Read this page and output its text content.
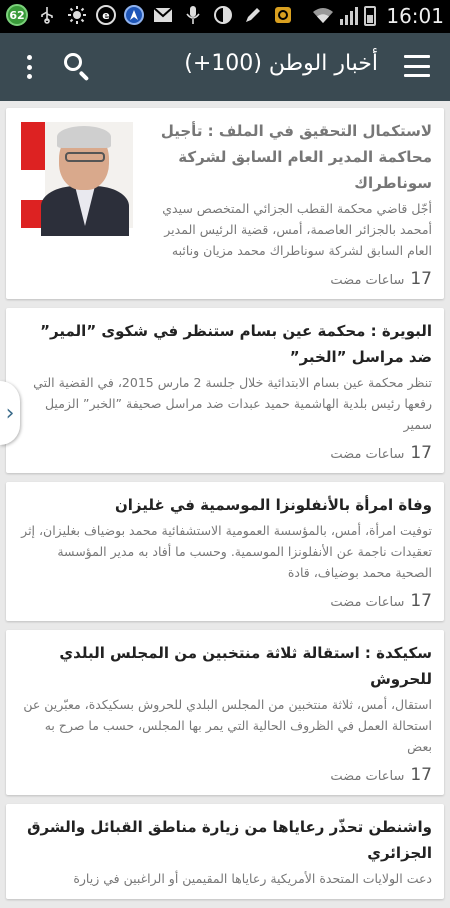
62	e	16:01
أخبار الوطن (100+)
لاستكمال التحقيق في الملف : تأجيل محاكمة المدير العام السابق لشركة سوناطراك
أجّل قاضي محكمة القطب الجزائي المتخصص سيدي أمحمد بالجزائر العاصمة، أمس، قضية الرئيس المدير العام السابق لشركة سوناطراك محمد مزيان ونائبه
17
ساعات مضت
البويرة : محكمة عين بسام ستنظر في شكوى ”المير” ضد مراسل ”الخبر”
تنظر محكمة عين بسام الابتدائية خلال جلسة 2 مارس 2015، في القضية التي رفعها رئيس بلدية الهاشمية حميد عبدات ضد مراسل صحيفة ”الخبر” الزميل سمير
17
ساعات مضت
وفاة امرأة بالأنفلونزا الموسمية في غليزان
توفيت امرأة، أمس، بالمؤسسة العمومية الاستشفائية محمد بوضياف بغليزان، إثر تعقيدات ناجمة عن الأنفلونزا الموسمية. وحسب ما أفاد به مدير المؤسسة الصحية محمد بوضياف، قادة
17
ساعات مضت
سكيكدة : استقالة ثلاثة منتخبين من المجلس البلدي للحروش
استقال، أمس، ثلاثة منتخبين من المجلس البلدي للحروش بسكيكدة، معبّرين عن استحالة العمل في الظروف الحالية التي يمر بها المجلس، حسب ما صرح به بعض
17
ساعات مضت
واشنطن تحذّر رعاياها من زيارة مناطق القبائل والشرق الجزائري
دعت الولايات المتحدة الأمريكية رعاياها المقيمين أو الراغبين في زيارة
›
